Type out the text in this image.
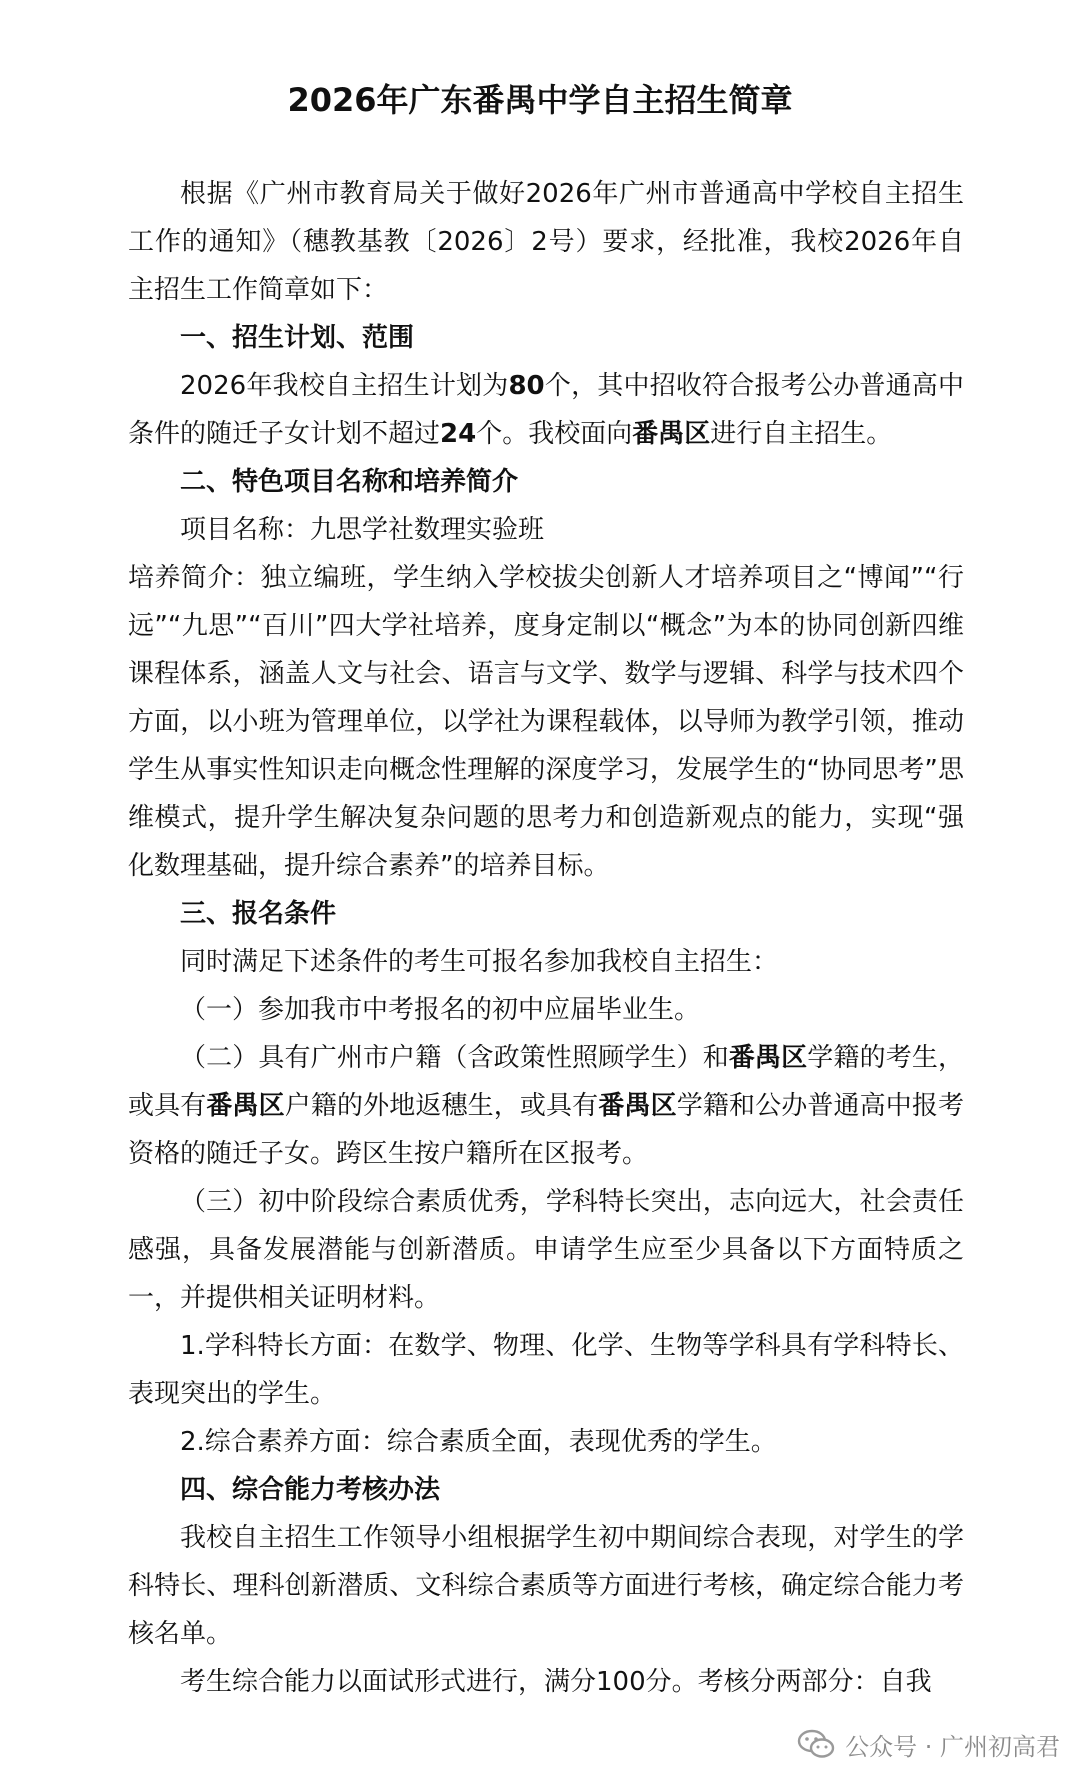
2026年广东番禺中学自主招生简章

根据《广州市教育局关于做好2026年广州市普通高中学校自主招生工作的通知》（穗教基教〔2026〕2号）要求，经批准，我校2026年自主招生工作简章如下：

一、招生计划、范围

2026年我校自主招生计划为80个，其中招收符合报考公办普通高中条件的随迁子女计划不超过24个。我校面向番禺区进行自主招生。

二、特色项目名称和培养简介

项目名称：九思学社数理实验班

培养简介：独立编班，学生纳入学校拔尖创新人才培养项目之“博闻”“行远”“九思”“百川”四大学社培养，度身定制以“概念”为本的协同创新四维课程体系，涵盖人文与社会、语言与文学、数学与逻辑、科学与技术四个方面，以小班为管理单位，以学社为课程载体，以导师为教学引领，推动学生从事实性知识走向概念性理解的深度学习，发展学生的“协同思考”思维模式，提升学生解决复杂问题的思考力和创造新观点的能力，实现“强化数理基础，提升综合素养”的培养目标。

三、报名条件

同时满足下述条件的考生可报名参加我校自主招生：

（一）参加我市中考报名的初中应届毕业生。

（二）具有广州市户籍（含政策性照顾学生）和番禺区学籍的考生，或具有番禺区户籍的外地返穗生，或具有番禺区学籍和公办普通高中报考资格的随迁子女。跨区生按户籍所在区报考。

（三）初中阶段综合素质优秀，学科特长突出，志向远大，社会责任感强，具备发展潜能与创新潜质。申请学生应至少具备以下方面特质之一，并提供相关证明材料。

1.学科特长方面：在数学、物理、化学、生物等学科具有学科特长、表现突出的学生。

2.综合素养方面：综合素质全面，表现优秀的学生。

四、综合能力考核办法

我校自主招生工作领导小组根据学生初中期间综合表现，对学生的学科特长、理科创新潜质、文科综合素质等方面进行考核，确定综合能力考核名单。

考生综合能力以面试形式进行，满分100分。考核分两部分：自我

公众号 · 广州初高君
